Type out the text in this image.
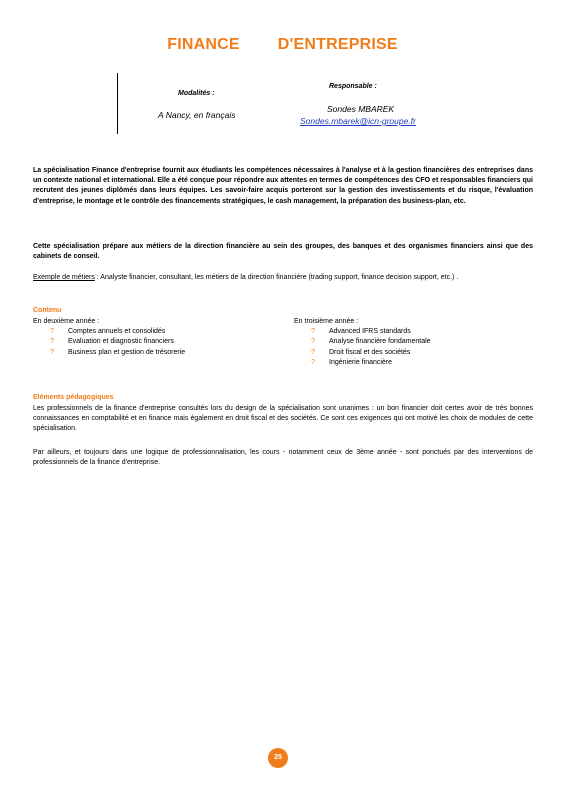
FINANCE D'ENTREPRISE
Modalités :
A Nancy, en français
Responsable :
Sondes MBAREK
Sondes.mbarek@icn-groupe.fr
La spécialisation Finance d'entreprise fournit aux étudiants les compétences nécessaires à l'analyse et à la gestion financières des entreprises dans un contexte national et international. Elle a été conçue pour répondre aux attentes en termes de compétences des CFO et responsables financiers qui recrutent des jeunes diplômés dans leurs équipes. Les savoir-faire acquis porteront sur la gestion des investissements et du risque, l'évaluation d'entreprise, le montage et le contrôle des financements stratégiques, le cash management, la préparation des business-plan, etc.
Cette spécialisation prépare aux métiers de la direction financière au sein des groupes, des banques et des organismes financiers ainsi que des cabinets de conseil.
Exemple de métiers : Analyste financier, consultant, les métiers de la direction financière (trading support, finance decision support, etc.) .
Contenu
En deuxième année :
? Comptes annuels et consolidés
? Evaluation et diagnostic financiers
? Business plan et gestion de trésorerie
En troisième année :
? Advanced IFRS standards
? Analyse financière fondamentale
? Droit fiscal et des sociétés
? Ingénierie financière
Eléments pédagogiques
Les professionnels de la finance d'entreprise consultés lors du design de la spécialisation sont unanimes : un bon financier doit certes avoir de très bonnes connaissances en comptabilité et en finance mais également en droit fiscal et des sociétés. Ce sont ces exigences qui ont motivé les choix de modules de cette spécialisation.
Par ailleurs, et toujours dans une logique de professionnalisation, les cours - notamment ceux de 3ème année - sont ponctués par des interventions de professionnels de la finance d'entreprise.
25
